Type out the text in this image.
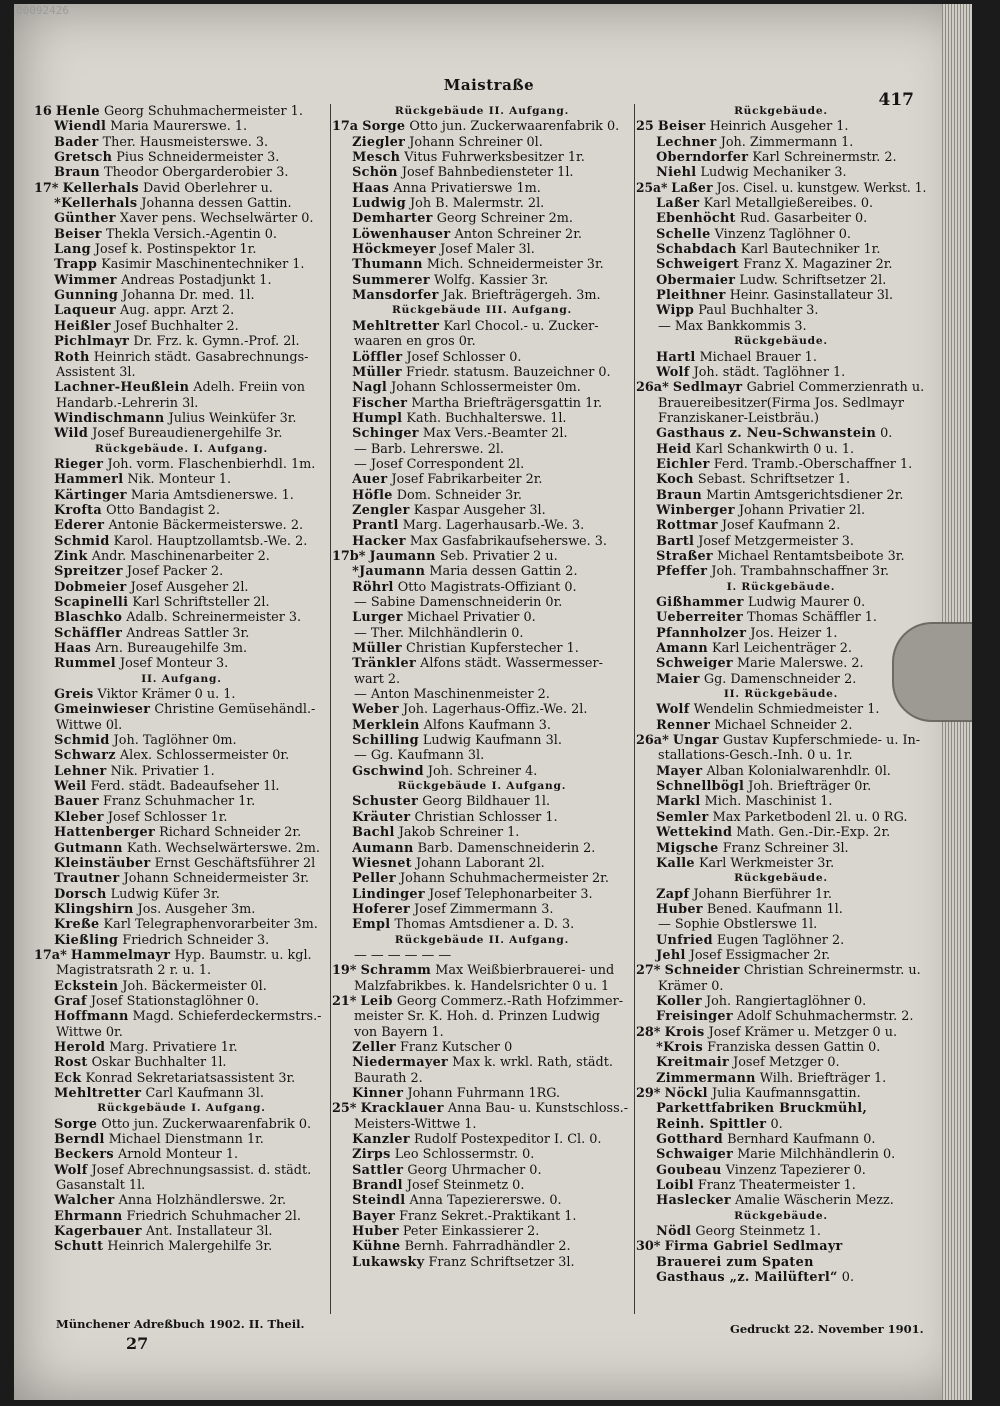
00092426
Maistraße
417
16 Henle Georg Schuhmachermeister 1.
Wiendl Maria Maurerswe. 1.
Bader Ther. Hausmeisterswe. 3.
Gretsch Pius Schneidermeister 3.
Braun Theodor Obergarderobier 3.
17* Kellerhals David Oberlehrer u.
*Kellerhals Johanna dessen Gattin.
Günther Xaver pens. Wechselwärter 0.
Beiser Thekla Versich.-Agentin 0.
Lang Josef k. Postinspektor 1r.
Trapp Kasimir Maschinentechniker 1.
Wimmer Andreas Postadjunkt 1.
Gunning Johanna Dr. med. 1l.
Laqueur Aug. appr. Arzt 2.
Heißler Josef Buchhalter 2.
Pichlmayr Dr. Frz. k. Gymn.-Prof. 2l.
Roth Heinrich städt. Gasabrechnungs-
Assistent 3l.
Lachner-Heußlein Adelh. Freiin von
Handarb.-Lehrerin 3l.
Windischmann Julius Weinküfer 3r.
Wild Josef Bureaudienergehilfe 3r.
Rückgebäude. I. Aufgang.
Rieger Joh. vorm. Flaschenbierhdl. 1m.
Hammerl Nik. Monteur 1.
Kärtinger Maria Amtsdienerswe. 1.
Krofta Otto Bandagist 2.
Ederer Antonie Bäckermeisterswe. 2.
Schmid Karol. Hauptzollamtsb.-We. 2.
Zink Andr. Maschinenarbeiter 2.
Spreitzer Josef Packer 2.
Dobmeier Josef Ausgeher 2l.
Scapinelli Karl Schriftsteller 2l.
Blaschko Adalb. Schreinermeister 3.
Schäffler Andreas Sattler 3r.
Haas Arn. Bureaugehilfe 3m.
Rummel Josef Monteur 3.
II. Aufgang.
Greis Viktor Krämer 0 u. 1.
Gmeinwieser Christine Gemüsehändl.-
Wittwe 0l.
Schmid Joh. Taglöhner 0m.
Schwarz Alex. Schlossermeister 0r.
Lehner Nik. Privatier 1.
Weil Ferd. städt. Badeaufseher 1l.
Bauer Franz Schuhmacher 1r.
Kleber Josef Schlosser 1r.
Hattenberger Richard Schneider 2r.
Gutmann Kath. Wechselwärterswe. 2m.
Kleinstäuber Ernst Geschäftsführer 2l
Trautner Johann Schneidermeister 3r.
Dorsch Ludwig Küfer 3r.
Klingshirn Jos. Ausgeher 3m.
Kreße Karl Telegraphenvorarbeiter 3m.
Kießling Friedrich Schneider 3.
17a* Hammelmayr Hyp. Baumstr. u. kgl.
Magistratsrath 2 r. u. 1.
Eckstein Joh. Bäckermeister 0l.
Graf Josef Stationstaglöhner 0.
Hoffmann Magd. Schieferdeckermstrs.-
Wittwe 0r.
Herold Marg. Privatiere 1r.
Rost Oskar Buchhalter 1l.
Eck Konrad Sekretariatsassistent 3r.
Mehltretter Carl Kaufmann 3l.
Rückgebäude I. Aufgang.
Sorge Otto jun. Zuckerwaarenfabrik 0.
Berndl Michael Dienstmann 1r.
Beckers Arnold Monteur 1.
Wolf Josef Abrechnungsassist. d. städt.
Gasanstalt 1l.
Walcher Anna Holzhändlerswe. 2r.
Ehrmann Friedrich Schuhmacher 2l.
Kagerbauer Ant. Installateur 3l.
Schutt Heinrich Malergehilfe 3r.
Rückgebäude II. Aufgang.
17a Sorge Otto jun. Zuckerwaarenfabrik 0.
Ziegler Johann Schreiner 0l.
Mesch Vitus Fuhrwerksbesitzer 1r.
Schön Josef Bahnbediensteter 1l.
Haas Anna Privatierswe 1m.
Ludwig Joh B. Malermstr. 2l.
Demharter Georg Schreiner 2m.
Löwenhauser Anton Schreiner 2r.
Höckmeyer Josef Maler 3l.
Thumann Mich. Schneidermeister 3r.
Summerer Wolfg. Kassier 3r.
Mansdorfer Jak. Briefträgergeh. 3m.
Rückgebäude III. Aufgang.
Mehltretter Karl Chocol.- u. Zucker-
waaren en gros 0r.
Löffler Josef Schlosser 0.
Müller Friedr. statusm. Bauzeichner 0.
Nagl Johann Schlossermeister 0m.
Fischer Martha Briefträgersgattin 1r.
Humpl Kath. Buchhalterswe. 1l.
Schinger Max Vers.-Beamter 2l.
— Barb. Lehrerswe. 2l.
— Josef Correspondent 2l.
Auer Josef Fabrikarbeiter 2r.
Höfle Dom. Schneider 3r.
Zengler Kaspar Ausgeher 3l.
Prantl Marg. Lagerhausarb.-We. 3.
Hacker Max Gasfabrikaufseherswe. 3.
17b* Jaumann Seb. Privatier 2 u.
*Jaumann Maria dessen Gattin 2.
Röhrl Otto Magistrats-Offiziant 0.
— Sabine Damenschneiderin 0r.
Lurger Michael Privatier 0.
— Ther. Milchhändlerin 0.
Müller Christian Kupferstecher 1.
Tränkler Alfons städt. Wassermesser-
wart 2.
— Anton Maschinenmeister 2.
Weber Joh. Lagerhaus-Offiz.-We. 2l.
Merklein Alfons Kaufmann 3.
Schilling Ludwig Kaufmann 3l.
— Gg. Kaufmann 3l.
Gschwind Joh. Schreiner 4.
Rückgebäude I. Aufgang.
Schuster Georg Bildhauer 1l.
Kräuter Christian Schlosser 1.
Bachl Jakob Schreiner 1.
Aumann Barb. Damenschneiderin 2.
Wiesnet Johann Laborant 2l.
Peller Johann Schuhmachermeister 2r.
Lindinger Josef Telephonarbeiter 3.
Hoferer Josef Zimmermann 3.
Empl Thomas Amtsdiener a. D. 3.
Rückgebäude II. Aufgang.
— — — — — —
19* Schramm Max Weißbierbrauerei- und
Malzfabrikbes. k. Handelsrichter 0 u. 1
21* Leib Georg Commerz.-Rath Hofzimmer-
meister Sr. K. Hoh. d. Prinzen Ludwig
von Bayern 1.
Zeller Franz Kutscher 0
Niedermayer Max k. wrkl. Rath, städt.
Baurath 2.
Kinner Johann Fuhrmann 1RG.
25* Kracklauer Anna Bau- u. Kunstschloss.-
Meisters-Wittwe 1.
Kanzler Rudolf Postexpeditor I. Cl. 0.
Zirps Leo Schlossermstr. 0.
Sattler Georg Uhrmacher 0.
Brandl Josef Steinmetz 0.
Steindl Anna Tapeziererswe. 0.
Bayer Franz Sekret.-Praktikant 1.
Huber Peter Einkassierer 2.
Kühne Bernh. Fahrradhändler 2.
Lukawsky Franz Schriftsetzer 3l.
Rückgebäude.
25 Beiser Heinrich Ausgeher 1.
Lechner Joh. Zimmermann 1.
Oberndorfer Karl Schreinermstr. 2.
Niehl Ludwig Mechaniker 3.
25a* Laßer Jos. Cisel. u. kunstgew. Werkst. 1.
Laßer Karl Metallgießereibes. 0.
Ebenhöcht Rud. Gasarbeiter 0.
Schelle Vinzenz Taglöhner 0.
Schabdach Karl Bautechniker 1r.
Schweigert Franz X. Magaziner 2r.
Obermaier Ludw. Schriftsetzer 2l.
Pleithner Heinr. Gasinstallateur 3l.
Wipp Paul Buchhalter 3.
— Max Bankkommis 3.
Rückgebäude.
Hartl Michael Brauer 1.
Wolf Joh. städt. Taglöhner 1.
26a* Sedlmayr Gabriel Commerzienrath u.
Brauereibesitzer(Firma Jos. Sedlmayr
Franziskaner-Leistbräu.)
Gasthaus z. Neu-Schwanstein 0.
Heid Karl Schankwirth 0 u. 1.
Eichler Ferd. Tramb.-Oberschaffner 1.
Koch Sebast. Schriftsetzer 1.
Braun Martin Amtsgerichtsdiener 2r.
Winberger Johann Privatier 2l.
Rottmar Josef Kaufmann 2.
Bartl Josef Metzgermeister 3.
Straßer Michael Rentamtsbeibote 3r.
Pfeffer Joh. Trambahnschaffner 3r.
I. Rückgebäude.
Gißhammer Ludwig Maurer 0.
Ueberreiter Thomas Schäffler 1.
Pfannholzer Jos. Heizer 1.
Amann Karl Leichenträger 2.
Schweiger Marie Malerswe. 2.
Maier Gg. Damenschneider 2.
II. Rückgebäude.
Wolf Wendelin Schmiedmeister 1.
Renner Michael Schneider 2.
26a* Ungar Gustav Kupferschmiede- u. In-
stallations-Gesch.-Inh. 0 u. 1r.
Mayer Alban Kolonialwarenhdlr. 0l.
Schnellbögl Joh. Briefträger 0r.
Markl Mich. Maschinist 1.
Semler Max Parketbodenl 2l. u. 0 RG.
Wettekind Math. Gen.-Dir.-Exp. 2r.
Migsche Franz Schreiner 3l.
Kalle Karl Werkmeister 3r.
Rückgebäude.
Zapf Johann Bierführer 1r.
Huber Bened. Kaufmann 1l.
— Sophie Obstlerswe 1l.
Unfried Eugen Taglöhner 2.
Jehl Josef Essigmacher 2r.
27* Schneider Christian Schreinermstr. u.
Krämer 0.
Koller Joh. Rangiertaglöhner 0.
Freisinger Adolf Schuhmachermstr. 2.
28* Krois Josef Krämer u. Metzger 0 u.
*Krois Franziska dessen Gattin 0.
Kreitmair Josef Metzger 0.
Zimmermann Wilh. Briefträger 1.
29* Nöckl Julia Kaufmannsgattin.
Parkettfabriken Bruckmühl,
Reinh. Spittler 0.
Gotthard Bernhard Kaufmann 0.
Schwaiger Marie Milchhändlerin 0.
Goubeau Vinzenz Tapezierer 0.
Loibl Franz Theatermeister 1.
Haslecker Amalie Wäscherin Mezz.
Rückgebäude.
Nödl Georg Steinmetz 1.
30* Firma Gabriel Sedlmayr
Brauerei zum Spaten
Gasthaus „z. Mailüfterl“ 0.
Münchener Adreßbuch 1902. II. Theil.
27
Gedruckt 22. November 1901.
